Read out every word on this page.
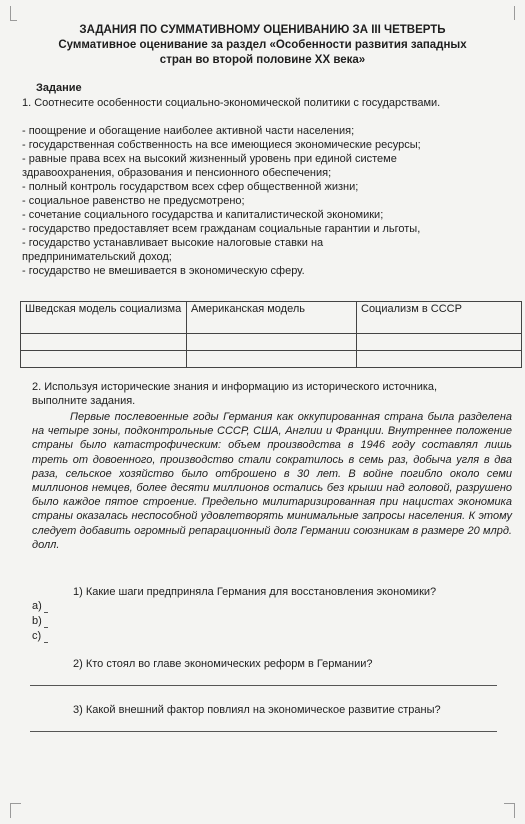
ЗАДАНИЯ ПО СУММАТИВНОМУ ОЦЕНИВАНИЮ ЗА III ЧЕТВЕРТЬ
Суммативное оценивание за раздел «Особенности развития западных
стран во второй половине XX века»
Задание
1. Соотнесите особенности социально-экономической политики с государствами.
- поощрение и обогащение наиболее активной части населения;
- государственная собственность на все имеющиеся экономические ресурсы;
- равные права всех на высокий жизненный уровень при единой системе
здравоохранения, образования и пенсионного обеспечения;
- полный контроль государством всех сфер общественной жизни;
- социальное равенство не предусмотрено;
- сочетание социального государства и капиталистической экономики;
- государство предоставляет всем гражданам социальные гарантии и льготы,
- государство устанавливает высокие налоговые ставки на
предпринимательский доход;
- государство не вмешивается в экономическую сферу.
Шведская модель социализма	Американская модель	Социализм в СССР

2. Используя исторические знания и информацию из исторического источника,
выполните задания.
Первые послевоенные годы Германия как оккупированная страна была разделена на четыре зоны, подконтрольные СССР, США, Англии и Франции. Внутреннее положение страны было катастрофическим: объем производства в 1946 году составлял лишь треть от довоенного, производство стали сократилось в семь раз, добыча угля в два раза, сельское хозяйство было отброшено в 30 лет. В войне погибло около семи миллионов немцев, более десяти миллионов остались без крыши над головой, разрушено было каждое пятое строение. Предельно милитаризированная при нацистах экономика страны оказалась неспособной удовлетворять минимальные запросы населения. К этому следует добавить огромный репарационный долг Германии союзникам в размере 20 млрд. долл.
1) Какие шаги предприняла Германия для восстановления экономики?
a)
b)
c)
2) Кто стоял во главе экономических реформ в Германии?
3) Какой внешний фактор повлиял на экономическое развитие страны?
